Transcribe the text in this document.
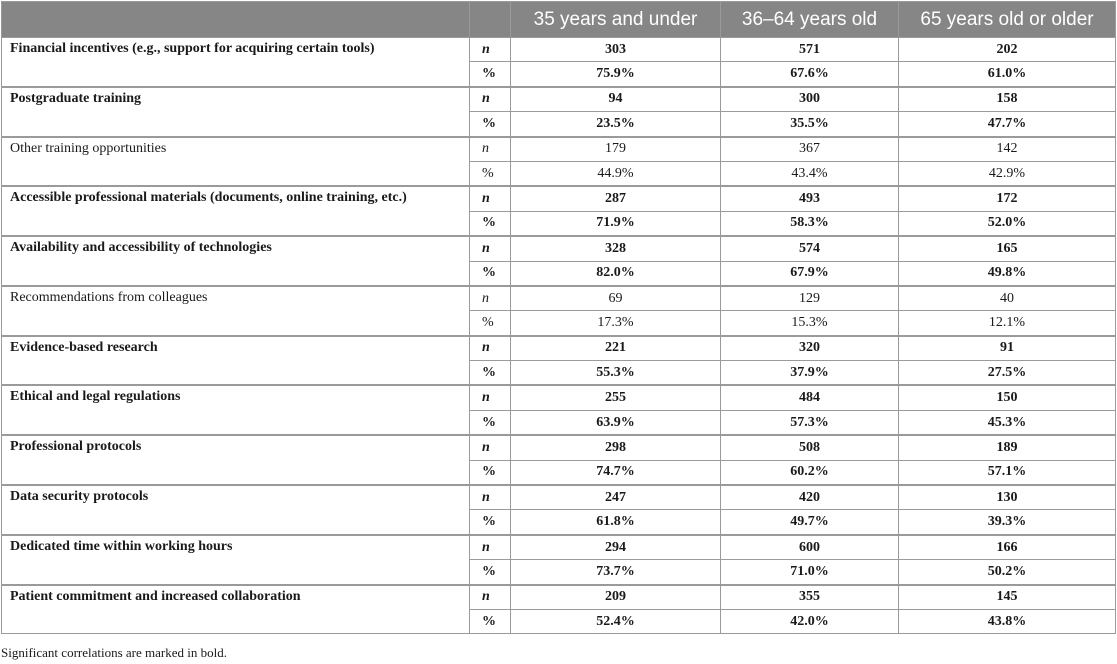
		35 years and under	36–64 years old	65 years old or older
Financial incentives (e.g., support for acquiring certain tools)	n	303	571	202
	%	75.9%	67.6%	61.0%
Postgraduate training	n	94	300	158
	%	23.5%	35.5%	47.7%
Other training opportunities	n	179	367	142
	%	44.9%	43.4%	42.9%
Accessible professional materials (documents, online training, etc.)	n	287	493	172
	%	71.9%	58.3%	52.0%
Availability and accessibility of technologies	n	328	574	165
	%	82.0%	67.9%	49.8%
Recommendations from colleagues	n	69	129	40
	%	17.3%	15.3%	12.1%
Evidence-based research	n	221	320	91
	%	55.3%	37.9%	27.5%
Ethical and legal regulations	n	255	484	150
	%	63.9%	57.3%	45.3%
Professional protocols	n	298	508	189
	%	74.7%	60.2%	57.1%
Data security protocols	n	247	420	130
	%	61.8%	49.7%	39.3%
Dedicated time within working hours	n	294	600	166
	%	73.7%	71.0%	50.2%
Patient commitment and increased collaboration	n	209	355	145
	%	52.4%	42.0%	43.8%
Significant correlations are marked in bold.
